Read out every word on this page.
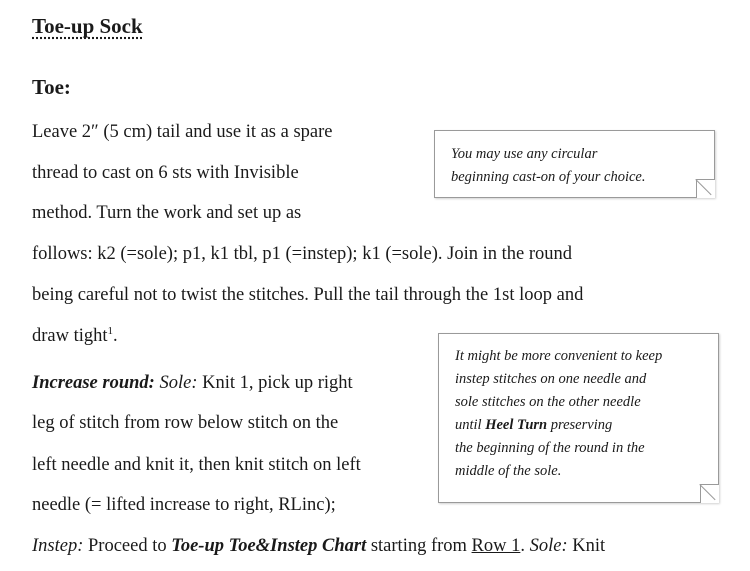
Toe-up Sock
Toe:
Leave 2″ (5 cm) tail and use it as a spare
thread to cast on 6 sts with Invisible
method. Turn the work and set up as
follows: k2 (=sole); p1, k1 tbl, p1 (=instep); k1 (=sole). Join in the round
being careful not to twist the stitches. Pull the tail through the 1st loop and
draw tight$^1$.
Increase round: Sole: Knit 1, pick up right
leg of stitch from row below stitch on the
left needle and knit it, then knit stitch on left
needle (= lifted increase to right, RLinc);
Instep: Proceed to Toe-up Toe&Instep Chart starting from Row 1. Sole: Knit
You may use any circular
beginning cast-on of your choice.
It might be more convenient to keep
instep stitches on one needle and
sole stitches on the other needle
until Heel Turn preserving
the beginning of the round in the
middle of the sole.
